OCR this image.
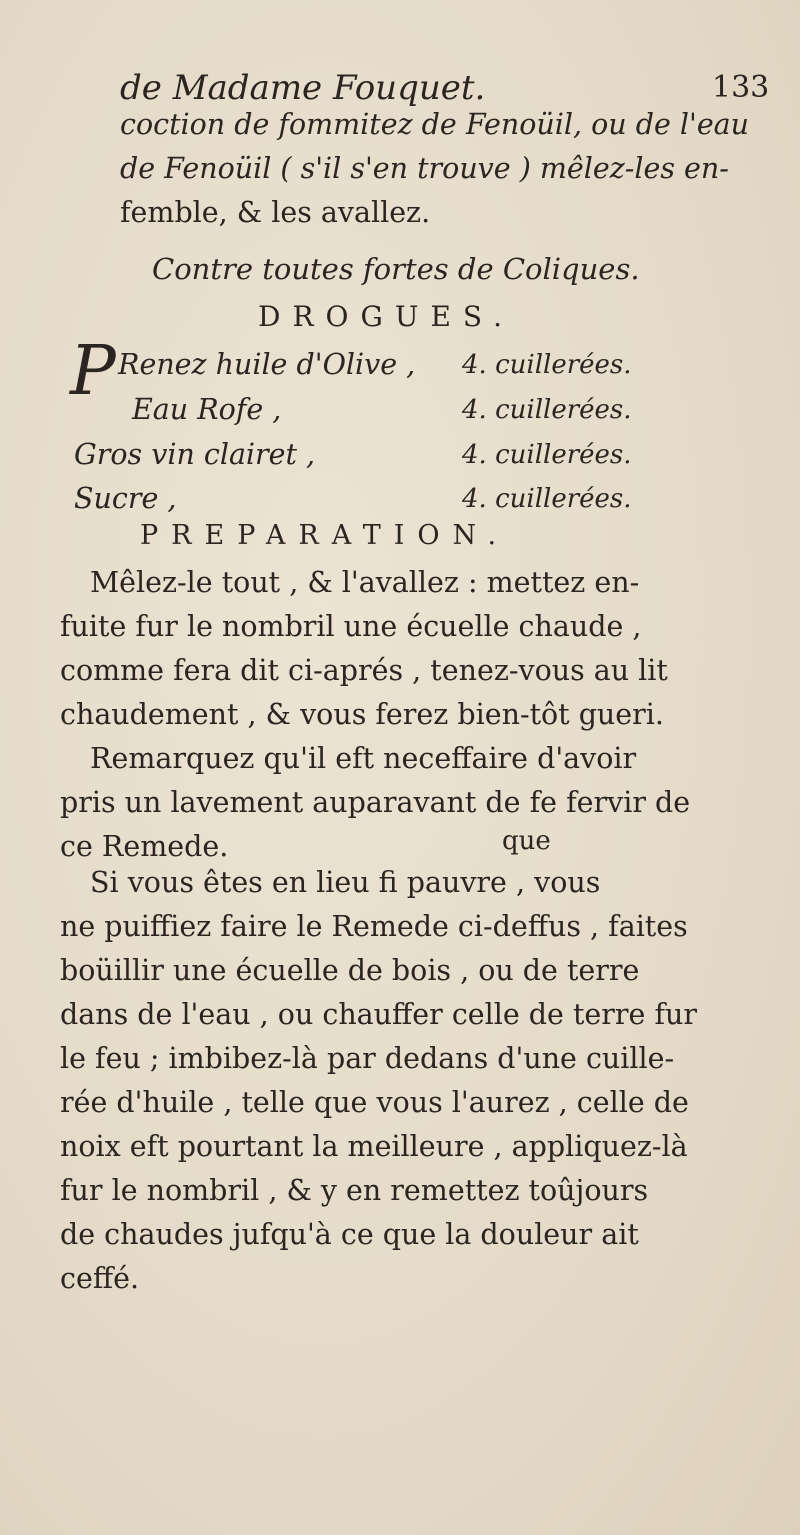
de Madame Fouquet.	133
coction de fommitez de Fenoüil, ou de l'eau
de Fenoüil ( s'il s'en trouve ) mêlez-les en-
femble, & les avallez.
Contre toutes fortes de Coliques.
DROGUES.
P Renez huile d'Olive , 4. cuillerées.
Eau Rofe ,	4. cuillerées.
Gros vin clairet ,	4. cuillerées.
Sucre ,	4. cuillerées.
PREPARATION.
Mêlez-le tout , & l'avallez : mettez en-
fuite fur le nombril une écuelle chaude ,
comme fera dit ci-aprés , tenez-vous au lit
chaudement , & vous ferez bien-tôt gueri.
Remarquez qu'il eft neceffaire d'avoir
pris un lavement auparavant de fe fervir de
ce Remede.	que
Si vous êtes en lieu fi pauvre , vous
ne puiffiez faire le Remede ci-deffus , faites
boüillir une écuelle de bois , ou de terre
dans de l'eau , ou chauffer celle de terre fur
le feu ; imbibez-là par dedans d'une cuille-
rée d'huile , telle que vous l'aurez , celle de
noix eft pourtant la meilleure , appliquez-là
fur le nombril , & y en remettez toûjours
de chaudes jufqu'à ce que la douleur ait
ceffé.
